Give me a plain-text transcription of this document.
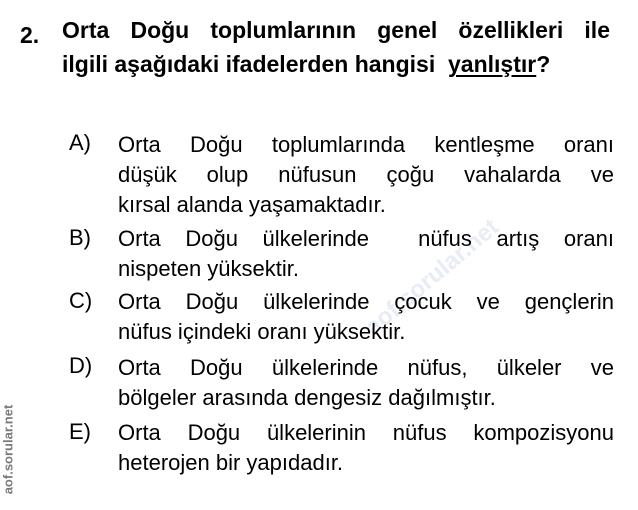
aof.sorular.net
aof.sorular.net
2. Orta Doğu toplumlarının genel özellikleri ile
ilgili aşağıdaki ifadelerden hangisi yanlıştır?
A) Orta Doğu toplumlarında kentleşme oranı
düşük olup nüfusun çoğu vahalarda ve
kırsal alanda yaşamaktadır.
B) Orta Doğu ülkelerinde  nüfus artış oranı
nispeten yüksektir.
C) Orta Doğu ülkelerinde çocuk ve gençlerin
nüfus içindeki oranı yüksektir.
D) Orta Doğu ülkelerinde nüfus, ülkeler ve
bölgeler arasında dengesiz dağılmıştır.
E) Orta Doğu ülkelerinin nüfus kompozisyonu
heterojen bir yapıdadır.
